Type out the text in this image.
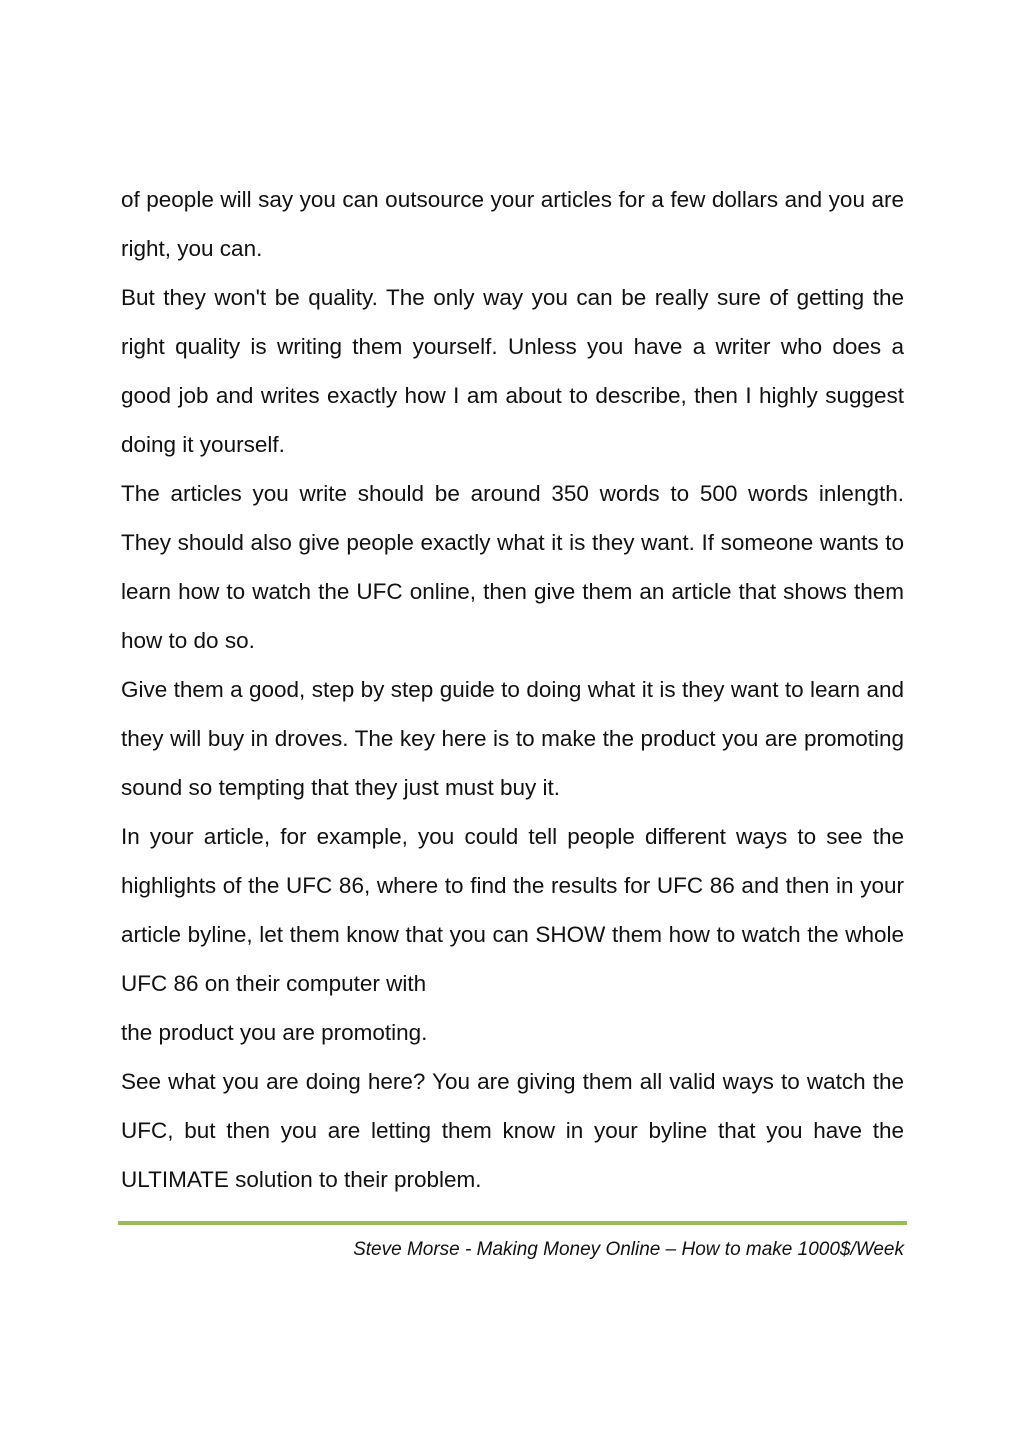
of people will say you can outsource your articles for a few dollars and you are right, you can.

But they won't be quality. The only way you can be really sure of getting the right quality is writing them yourself. Unless you have a writer who does a good job and writes exactly how I am about to describe, then I highly suggest doing it yourself.

The articles you write should be around 350 words to 500 words inlength. They should also give people exactly what it is they want. If someone wants to learn how to watch the UFC online, then give them an article that shows them how to do so.

Give them a good, step by step guide to doing what it is they want to learn and they will buy in droves. The key here is to make the product you are promoting sound so tempting that they just must buy it.

In your article, for example, you could tell people different ways to see the highlights of the UFC 86, where to find the results for UFC 86 and then in your article byline, let them know that you can SHOW them how to watch the whole UFC 86 on their computer with

the product you are promoting.

See what you are doing here? You are giving them all valid ways to watch the UFC, but then you are letting them know in your byline that you have the ULTIMATE solution to their problem.

Steve Morse - Making Money Online – How to make 1000$/Week
